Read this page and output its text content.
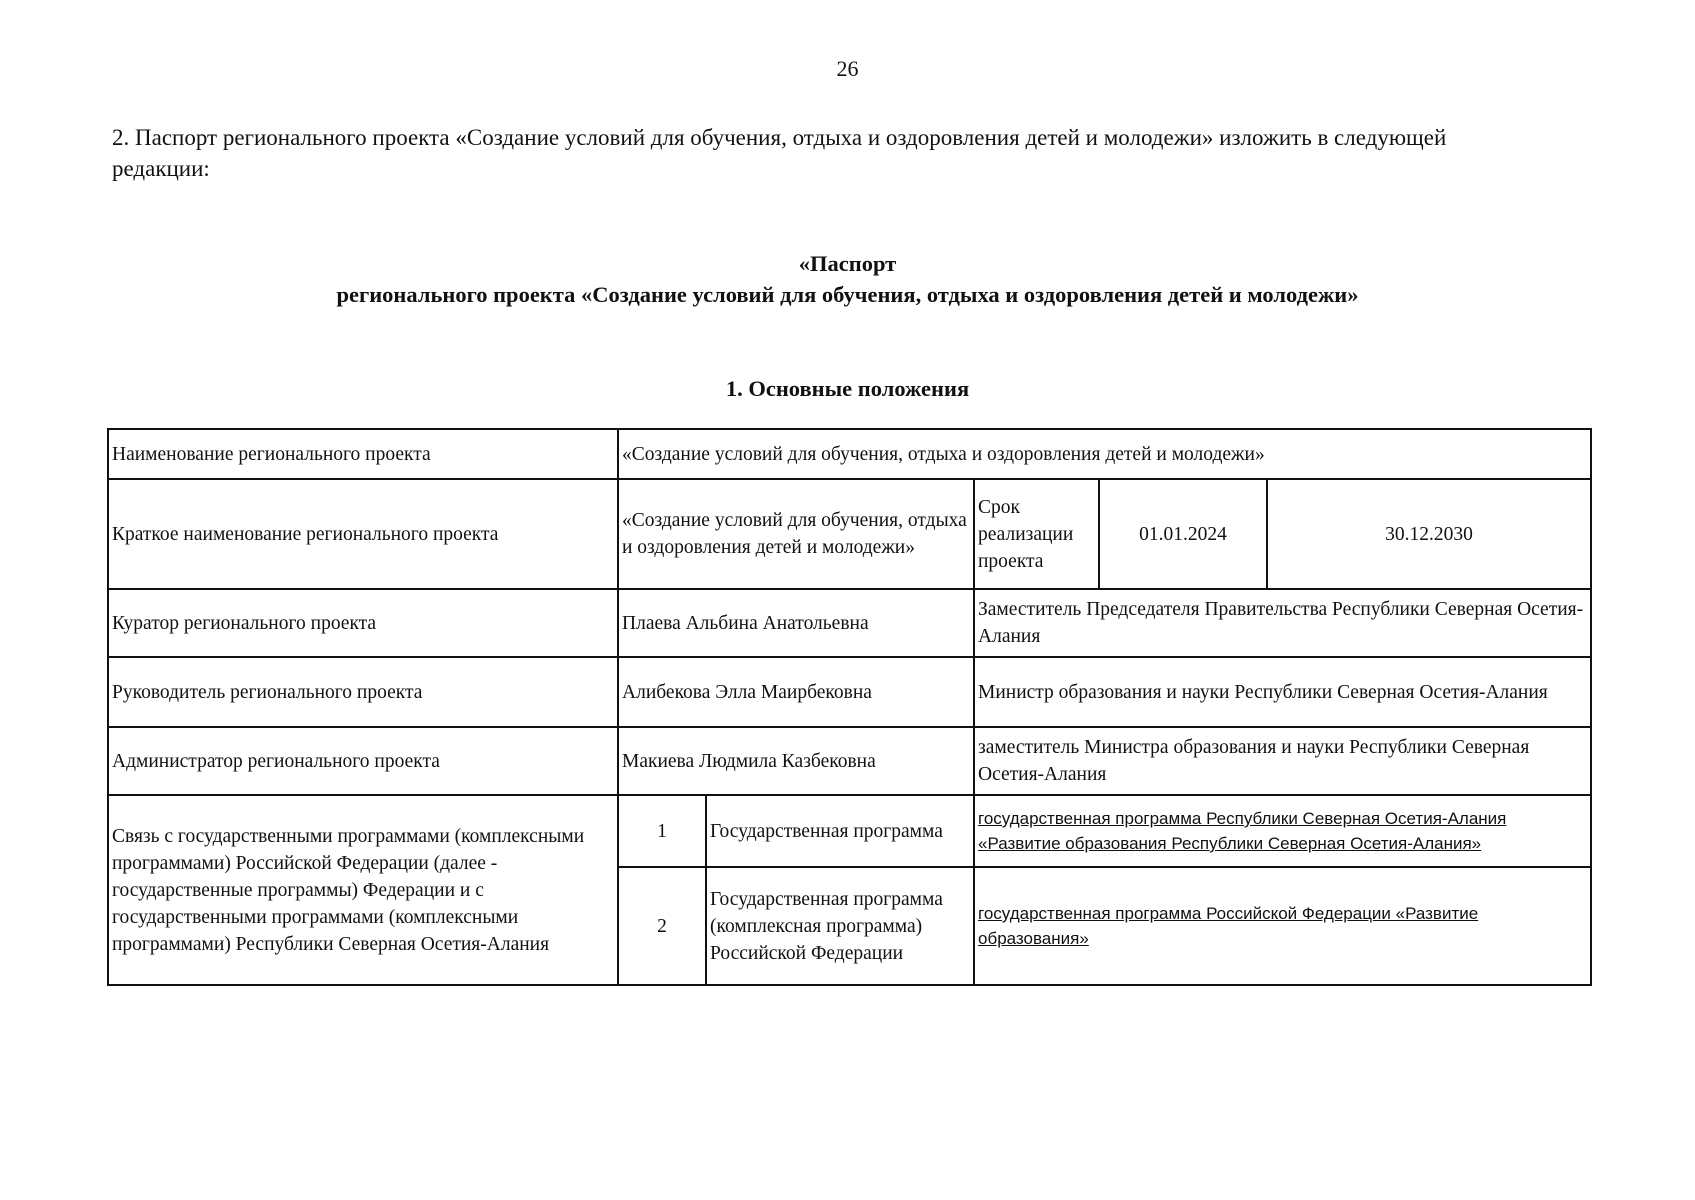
26
2. Паспорт регионального проекта «Создание условий для обучения, отдыха и оздоровления детей и молодежи» изложить в следующей редакции:
«Паспорт
регионального проекта «Создание условий для обучения, отдыха и оздоровления детей и молодежи»
1. Основные положения
Наименование регионального проекта	«Создание условий для обучения, отдыха и оздоровления детей и молодежи»				
Краткое наименование регионального проекта	«Создание условий для обучения, отдыха и оздоровления детей и молодежи»		Срок реализации проекта	01.01.2024	30.12.2030
Куратор регионального проекта	Плаева Альбина Анатольевна		Заместитель Председателя Правительства Республики Северная Осетия-Алания		
Руководитель регионального проекта	Алибекова Элла Маирбековна		Министр образования и науки Республики Северная Осетия-Алания		
Администратор регионального проекта	Макиева Людмила Казбековна		заместитель Министра образования и науки Республики Северная Осетия-Алания		
Связь с государственными программами (комплексными программами) Российской Федерации (далее - государственные программы) Федерации и с государственными программами (комплексными программами) Республики Северная Осетия-Алания	1	Государственная программа	государственная программа Республики Северная Осетия-Алания «Развитие образования Республики Северная Осетия-Алания»		
	2	Государственная программа (комплексная программа) Российской Федерации	государственная программа Российской Федерации «Развитие образования»		
